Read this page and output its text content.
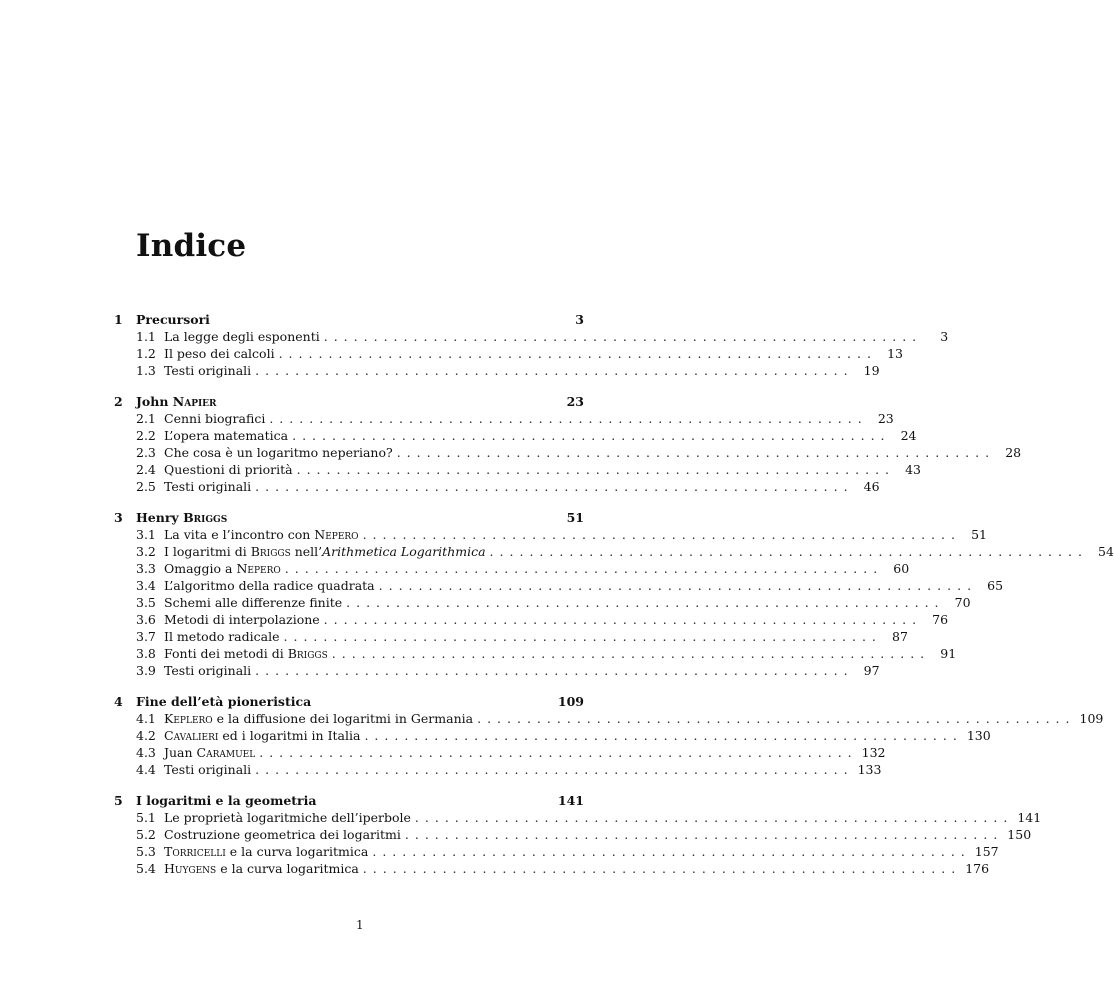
Indice
1	Precursori	3
1.1 La legge degli esponenti ............................................................	3
1.2 Il peso dei calcoli ............................................................ 13
1.3 Testi originali ............................................................ 19
2	John Napier	23
2.1 Cenni biografici ............................................................ 23
2.2 L’opera matematica ............................................................ 24
2.3 Che cosa è un logaritmo neperiano? ............................................................ 28
2.4 Questioni di priorità ............................................................ 43
2.5 Testi originali ............................................................ 46
3	Henry Briggs	51
3.1 La vita e l’incontro con Nepero ............................................................ 51
3.2 I logaritmi di Briggs nell’Arithmetica Logarithmica ............................................................ 54
3.3 Omaggio a Nepero ............................................................ 60
3.4 L’algoritmo della radice quadrata ............................................................ 65
3.5 Schemi alle differenze finite ............................................................ 70
3.6 Metodi di interpolazione ............................................................ 76
3.7 Il metodo radicale ............................................................ 87
3.8 Fonti dei metodi di Briggs ............................................................ 91
3.9 Testi originali ............................................................ 97
4	Fine dell’età pioneristica	109
4.1 Keplero e la diffusione dei logaritmi in Germania ............................................................ 109
4.2 Cavalieri ed i logaritmi in Italia ............................................................ 130
4.3 Juan Caramuel ............................................................ 132
4.4 Testi originali ............................................................ 133
5	I logaritmi e la geometria	141
5.1 Le proprietà logaritmiche dell’iperbole ............................................................ 141
5.2 Costruzione geometrica dei logaritmi ............................................................ 150
5.3 Torricelli e la curva logaritmica ............................................................ 157
5.4 Huygens e la curva logaritmica ............................................................ 176
1
